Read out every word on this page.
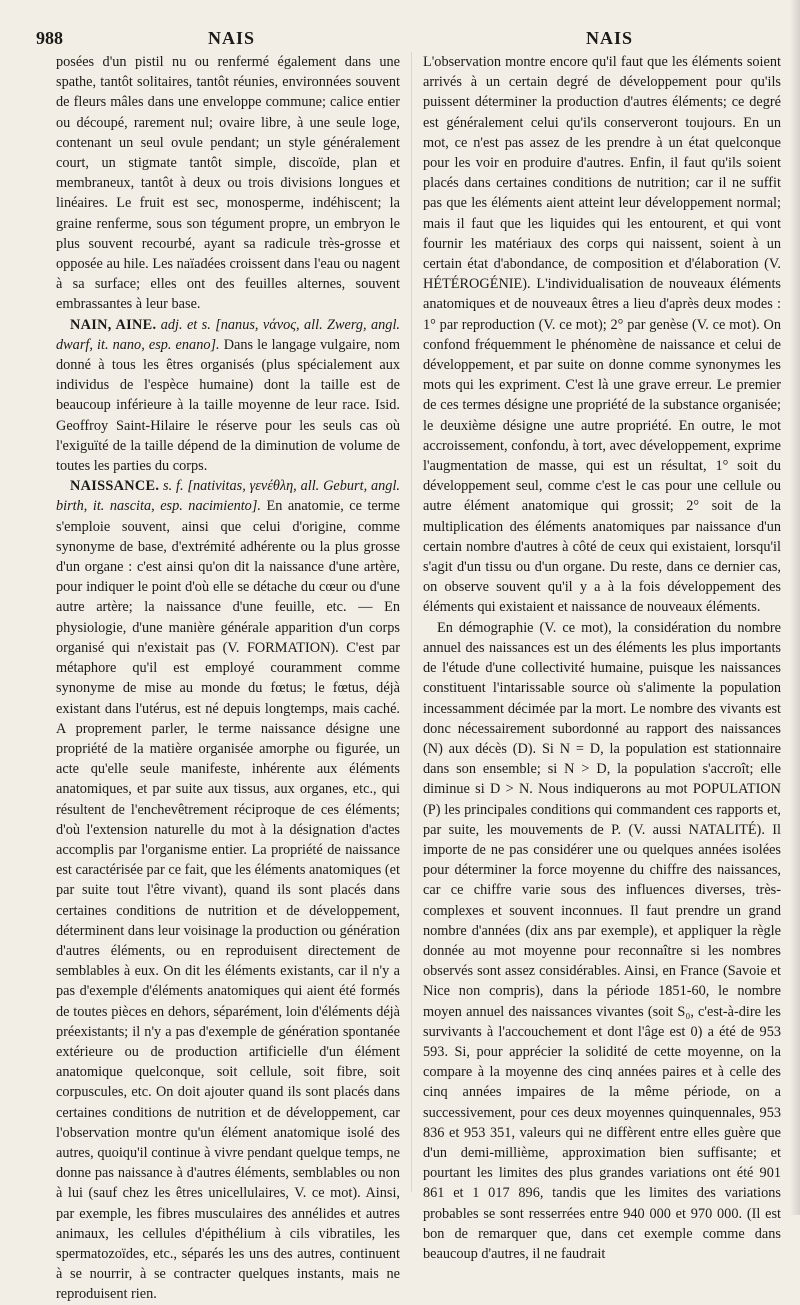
988	NAIS	NAIS

posées d'un pistil nu ou renfermé également dans une spathe, tantôt solitaires, tantôt réunies, environnées souvent de fleurs mâles dans une enveloppe commune; calice entier ou découpé, rarement nul; ovaire libre, à une seule loge, contenant un seul ovule pendant; un style généralement court, un stigmate tantôt simple, discoïde, plan et membraneux, tantôt à deux ou trois divisions longues et linéaires. Le fruit est sec, monosperme, indéhiscent; la graine renferme, sous son tégument propre, un embryon le plus souvent recourbé, ayant sa radicule très-grosse et opposée au hile. Les naïadées croissent dans l'eau ou nagent à sa surface; elles ont des feuilles alternes, souvent embrassantes à leur base.

NAIN, AINE. adj. et s. [nanus, νάνος, all. Zwerg, angl. dwarf, it. nano, esp. enano]. Dans le langage vulgaire, nom donné à tous les êtres organisés (plus spécialement aux individus de l'espèce humaine) dont la taille est de beaucoup inférieure à la taille moyenne de leur race. Isid. Geoffroy Saint-Hilaire le réserve pour les seuls cas où l'exiguïté de la taille dépend de la diminution de volume de toutes les parties du corps.

NAISSANCE. s. f. [nativitas, γενέθλη, all. Geburt, angl. birth, it. nascita, esp. nacimiento]. En anatomie, ce terme s'emploie souvent, ainsi que celui d'origine, comme synonyme de base, d'extrémité adhérente ou la plus grosse d'un organe : c'est ainsi qu'on dit la naissance d'une artère, pour indiquer le point d'où elle se détache du cœur ou d'une autre artère; la naissance d'une feuille, etc. — En physiologie, d'une manière générale apparition d'un corps organisé qui n'existait pas (V. FORMATION). C'est par métaphore qu'il est employé couramment comme synonyme de mise au monde du fœtus; le fœtus, déjà existant dans l'utérus, est né depuis longtemps, mais caché. A proprement parler, le terme naissance désigne une propriété de la matière organisée amorphe ou figurée, un acte qu'elle seule manifeste, inhérente aux éléments anatomiques, et par suite aux tissus, aux organes, etc., qui résultent de l'enchevêtrement réciproque de ces éléments; d'où l'extension naturelle du mot à la désignation d'actes accomplis par l'organisme entier. La propriété de naissance est caractérisée par ce fait, que les éléments anatomiques (et par suite tout l'être vivant), quand ils sont placés dans certaines conditions de nutrition et de développement, déterminent dans leur voisinage la production ou génération d'autres éléments, ou en reproduisent directement de semblables à eux. On dit les éléments existants, car il n'y a pas d'exemple d'éléments anatomiques qui aient été formés de toutes pièces en dehors, séparément, loin d'éléments déjà préexistants; il n'y a pas d'exemple de génération spontanée extérieure ou de production artificielle d'un élément anatomique quelconque, soit cellule, soit fibre, soit corpuscules, etc. On doit ajouter quand ils sont placés dans certaines conditions de nutrition et de développement, car l'observation montre qu'un élément anatomique isolé des autres, quoiqu'il continue à vivre pendant quelque temps, ne donne pas naissance à d'autres éléments, semblables ou non à lui (sauf chez les êtres unicellulaires, V. ce mot). Ainsi, par exemple, les fibres musculaires des annélides et autres animaux, les cellules d'épithélium à cils vibratiles, les spermatozoïdes, etc., séparés les uns des autres, continuent à se nourrir, à se contracter quelques instants, mais ne reproduisent rien.

L'observation montre encore qu'il faut que les éléments soient arrivés à un certain degré de développement pour qu'ils puissent déterminer la production d'autres éléments; ce degré est généralement celui qu'ils conserveront toujours. En un mot, ce n'est pas assez de les prendre à un état quelconque pour les voir en produire d'autres. Enfin, il faut qu'ils soient placés dans certaines conditions de nutrition; car il ne suffit pas que les éléments aient atteint leur développement normal; mais il faut que les liquides qui les entourent, et qui vont fournir les matériaux des corps qui naissent, soient à un certain état d'abondance, de composition et d'élaboration (V. HÉTÉROGÉNIE). L'individualisation de nouveaux éléments anatomiques et de nouveaux êtres a lieu d'après deux modes : 1° par reproduction (V. ce mot); 2° par genèse (V. ce mot). On confond fréquemment le phénomène de naissance et celui de développement, et par suite on donne comme synonymes les mots qui les expriment. C'est là une grave erreur. Le premier de ces termes désigne une propriété de la substance organisée; le deuxième désigne une autre propriété. En outre, le mot accroissement, confondu, à tort, avec développement, exprime l'augmentation de masse, qui est un résultat, 1° soit du développement seul, comme c'est le cas pour une cellule ou autre élément anatomique qui grossit; 2° soit de la multiplication des éléments anatomiques par naissance d'un certain nombre d'autres à côté de ceux qui existaient, lorsqu'il s'agit d'un tissu ou d'un organe. Du reste, dans ce dernier cas, on observe souvent qu'il y a à la fois développement des éléments qui existaient et naissance de nouveaux éléments.

En démographie (V. ce mot), la considération du nombre annuel des naissances est un des éléments les plus importants de l'étude d'une collectivité humaine, puisque les naissances constituent l'intarissable source où s'alimente la population incessamment décimée par la mort. Le nombre des vivants est donc nécessairement subordonné au rapport des naissances (N) aux décès (D). Si N = D, la population est stationnaire dans son ensemble; si N > D, la population s'accroît; elle diminue si D > N. Nous indiquerons au mot POPULATION (P) les principales conditions qui commandent ces rapports et, par suite, les mouvements de P. (V. aussi NATALITÉ). Il importe de ne pas considérer une ou quelques années isolées pour déterminer la force moyenne du chiffre des naissances, car ce chiffre varie sous des influences diverses, très-complexes et souvent inconnues. Il faut prendre un grand nombre d'années (dix ans par exemple), et appliquer la règle donnée au mot moyenne pour reconnaître si les nombres observés sont assez considérables. Ainsi, en France (Savoie et Nice non compris), dans la période 1851-60, le nombre moyen annuel des naissances vivantes (soit S₀, c'est-à-dire les survivants à l'accouchement et dont l'âge est 0) a été de 953 593. Si, pour apprécier la solidité de cette moyenne, on la compare à la moyenne des cinq années paires et à celle des cinq années impaires de la même période, on a successivement, pour ces deux moyennes quinquennales, 953 836 et 953 351, valeurs qui ne diffèrent entre elles guère que d'un demi-millième, approximation bien suffisante; et pourtant les limites des plus grandes variations ont été 901 861 et 1 017 896, tandis que les limites des variations probables se sont resserrées entre 940 000 et 970 000. (Il est bon de remarquer que, dans cet exemple comme dans beaucoup d'autres, il ne faudrait
